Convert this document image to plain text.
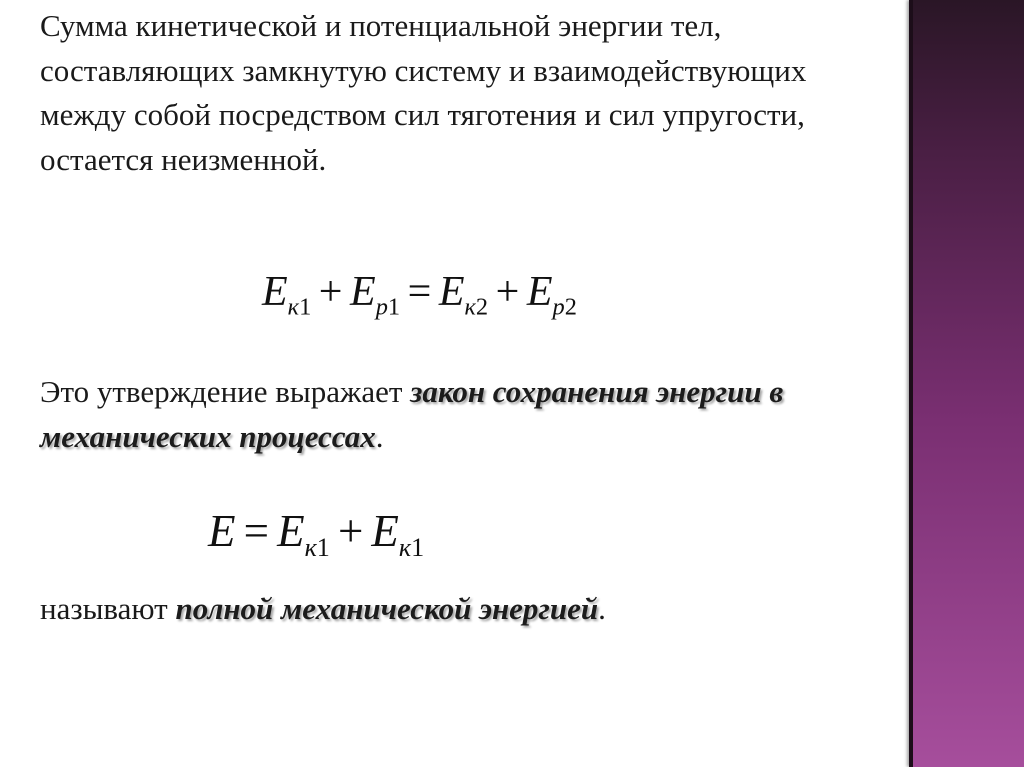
Сумма кинетической и потенциальной энергии тел, составляющих замкнутую систему и взаимодействующих между собой посредством сил тяготения и сил упругости, остается неизменной.

$E_{к1} + E_{р1} = E_{к2} + E_{р2}$

Это утверждение выражает закон сохранения энергии в механических процессах.

$E = E_{к1} + E_{к1}$

называют полной механической энергией.
